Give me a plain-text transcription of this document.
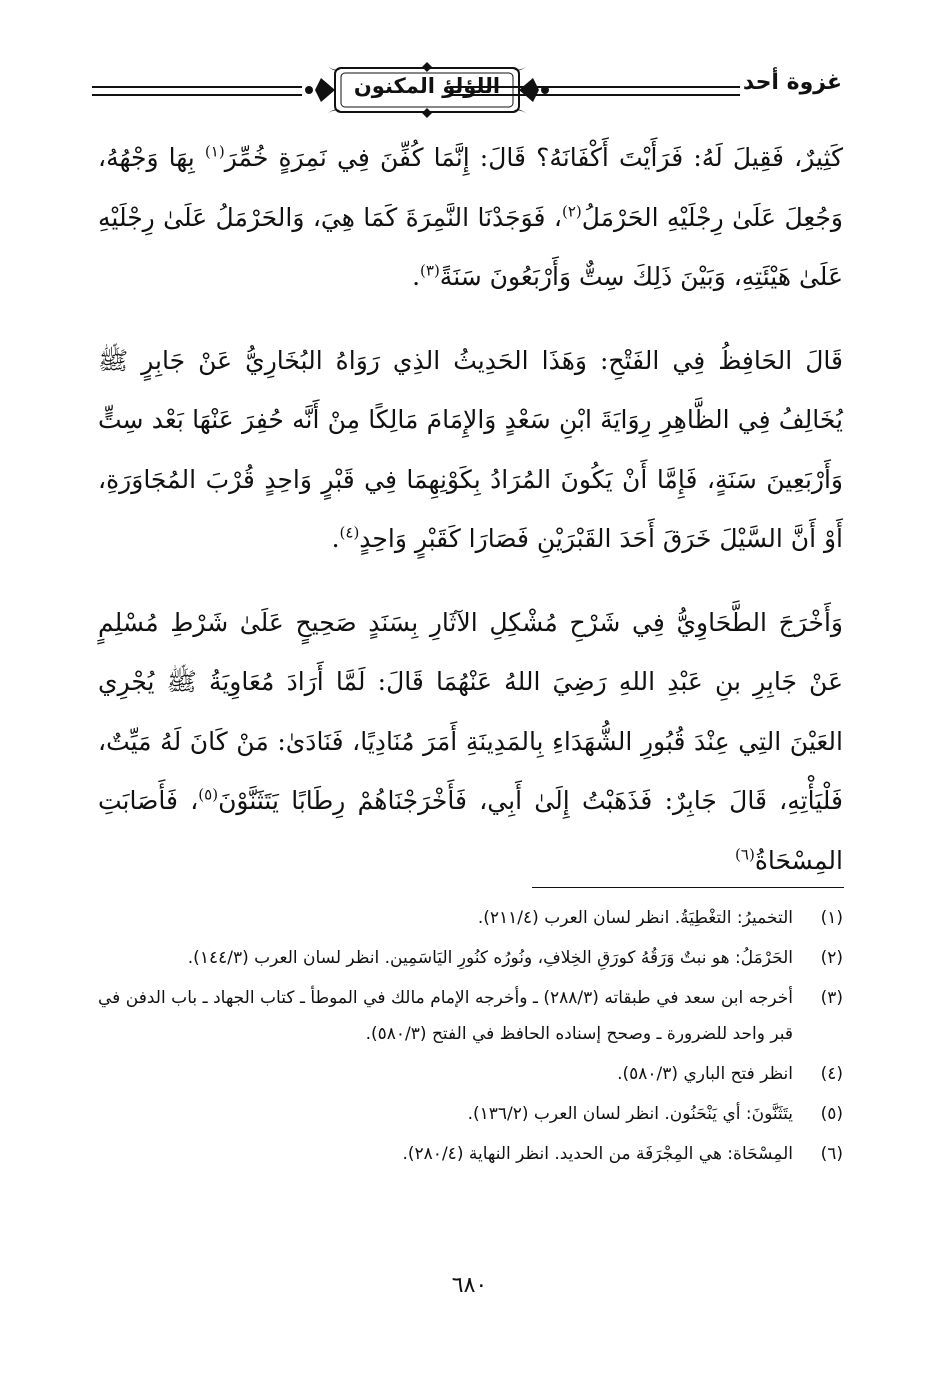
غزوة أحد
اللؤلؤ المكنون

كَثِيرٌ، فَقِيلَ لَهُ: فَرَأَيْتَ أَكْفَانَهُ؟ قَالَ: إِنَّمَا كُفِّنَ فِي نَمِرَةٍ خُمِّرَ$^{(١)}$ بِهَا وَجْهُهُ، وَجُعِلَ عَلَىٰ رِجْلَيْهِ الحَرْمَلُ$^{(٢)}$، فَوَجَدْنَا النَّمِرَةَ كَمَا هِيَ، وَالحَرْمَلُ عَلَىٰ رِجْلَيْهِ عَلَىٰ هَيْئَتِهِ، وَبَيْنَ ذَلِكَ سِتٌّ وَأَرْبَعُونَ سَنَةً$^{(٣)}$.

قَالَ الحَافِظُ فِي الفَتْحِ: وَهَذَا الحَدِيثُ الذِي رَوَاهُ البُخَارِيُّ عَنْ جَابِرٍ ﷺ يُخَالِفُ فِي الظَّاهِرِ رِوَايَةَ ابْنِ سَعْدٍ وَالإِمَامَ مَالِكًا مِنْ أَنَّه حُفِرَ عَنْهَا بَعْد سِتٍّ وَأَرْبَعِينَ سَنَةٍ، فَإِمَّا أَنْ يَكُونَ المُرَادُ بِكَوْنِهِمَا فِي قَبْرٍ وَاحِدٍ قُرْبَ المُجَاوَرَةِ، أَوْ أَنَّ السَّيْلَ خَرَقَ أَحَدَ القَبْرَيْنِ فَصَارَا كَقَبْرٍ وَاحِدٍ$^{(٤)}$.

وَأَخْرَجَ الطَّحَاوِيُّ فِي شَرْحِ مُشْكِلِ الآثَارِ بِسَنَدٍ صَحِيحٍ عَلَىٰ شَرْطِ مُسْلِمٍ عَنْ جَابِرِ بنِ عَبْدِ اللهِ رَضِيَ اللهُ عَنْهُمَا قَالَ: لَمَّا أَرَادَ مُعَاوِيَةُ ﷺ يُجْرِي العَيْنَ التِي عِنْدَ قُبُورِ الشُّهَدَاءِ بِالمَدِينَةِ أَمَرَ مُنَادِيًا، فَنَادَىٰ: مَنْ كَانَ لَهُ مَيِّتٌ، فَلْيَأْتِهِ، قَالَ جَابِرٌ: فَذَهَبْتُ إِلَىٰ أَبِي، فَأَخْرَجْنَاهُمْ رِطَابًا يَتَثَنَّوْنَ$^{(٥)}$، فَأَصَابَتِ المِسْحَاةُ$^{(٦)}$

(١)
التخميرُ: التغْطِيَةُ. انظر لسان العرب (٢١١/٤).
(٢)
الحَرْمَلُ: هو نبتٌ وَرَقُهُ كورَقِ الخِلافِ، ونُورُه كنُورِ اليَاسَمِين. انظر لسان العرب (١٤٤/٣).
(٣)
أخرجه ابن سعد في طبقاته (٢٨٨/٣) ـ وأخرجه الإمام مالك في الموطأ ـ كتاب الجهاد ـ باب الدفن في قبر واحد للضرورة ـ وصحح إسناده الحافظ في الفتح (٥٨٠/٣).
(٤)
انظر فتح الباري (٥٨٠/٣).
(٥)
يتَثَنَّونَ: أي يَنْحَنُون. انظر لسان العرب (١٣٦/٢).
(٦)
المِسْحَاة: هي المِجْرَفَة من الحديد. انظر النهاية (٢٨٠/٤).
٦٨٠
